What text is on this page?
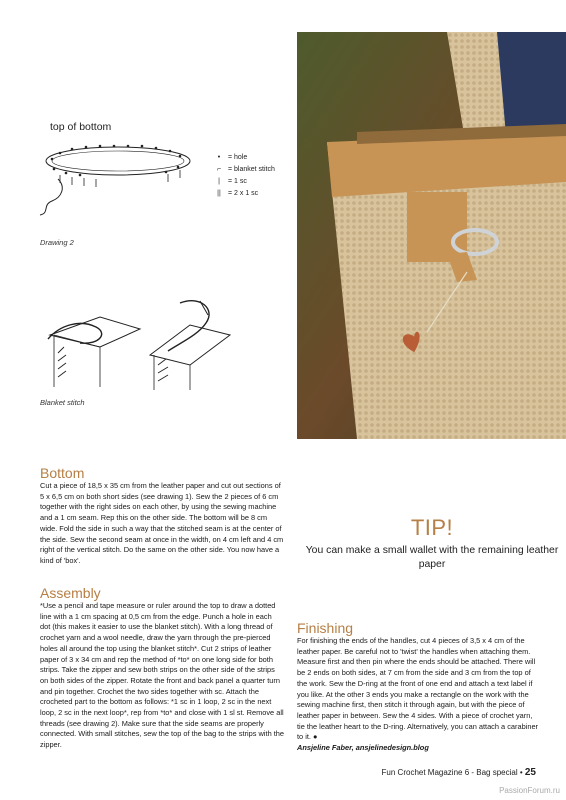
top of bottom
•	= hole
⌐ = blanket stitch
|	= 1 sc
||	= 2 x 1 sc
Drawing 2
Blanket stitch
Bottom

Cut a piece of 18,5 x 35 cm from the leather paper and cut out sections of 5 x 6,5 cm on both short sides (see drawing 1). Sew the 2 pieces of 6 cm together with the right sides on each other, by using the sewing machine and a 1 cm seam. Rep this on the other side. The bottom will be 8 cm wide. Fold the side in such a way that the stitched seam is at the center of the side. Sew the second seam at once in the width, on 4 cm left and 4 cm right of the vertical stitch. Do the same on the other side. You now have a kind of 'box'.

Assembly

*Use a pencil and tape measure or ruler around the top to draw a dotted line with a 1 cm spacing at 0,5 cm from the edge. Punch a hole in each dot (this makes it easier to use the blanket stitch). With a long thread of crochet yarn and a wool needle, draw the yarn through the pre-pierced holes all around the top using the blanket stitch*. Cut 2 strips of leather paper of 3 x 34 cm and rep the method of *to* on one long side for both strips. Take the zipper and sew both strips on the other side of the strips on both sides of the zipper. Rotate the front and back panel a quarter turn and pin together. Crochet the two sides together with sc. Attach the crocheted part to the bottom as follows: *1 sc in 1 loop, 2 sc in the next loop, 2 sc in the next loop*, rep from *to* and close with 1 sl st. Remove all threads (see drawing 2). Make sure that the side seams are properly connected. With small stitches, sew the top of the bag to the strips with the zipper.

TIP!
You can make a small wallet with the remaining leather paper
Finishing

For finishing the ends of the handles, cut 4 pieces of 3,5 x 4 cm of the leather paper. Be careful not to 'twist' the handles when attaching them. Measure first and then pin where the ends should be attached. There will be 2 ends on both sides, at 7 cm from the side and 3 cm from the top of the work. Sew the D-ring at the front of one end and attach a text label if you like. At the other 3 ends you make a rectangle on the work with the sewing machine first, then stitch it through again, but with the piece of leather paper in between. Sew the 4 sides. With a piece of crochet yarn, tie the leather heart to the D-ring. Alternatively, you can attach a carabiner to it. ●

Ansjeline Faber, ansjelinedesign.blog

Fun Crochet Magazine 6 - Bag special • 25
PassionForum.ru
